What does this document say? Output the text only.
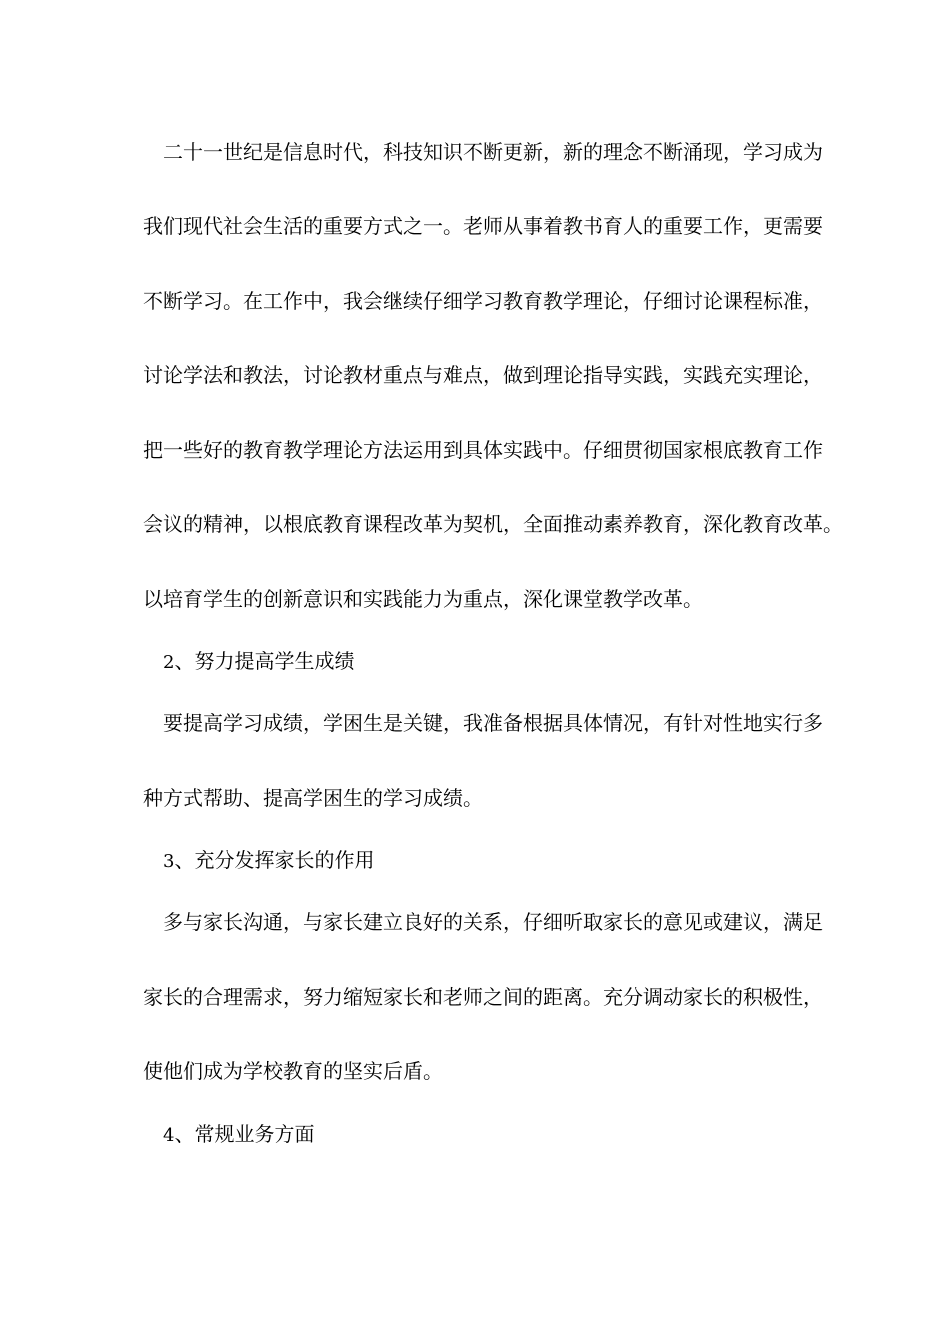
二十一世纪是信息时代，科技知识不断更新，新的理念不断涌现，学习成为
我们现代社会生活的重要方式之一。老师从事着教书育人的重要工作，更需要
不断学习。在工作中，我会继续仔细学习教育教学理论，仔细讨论课程标准，
讨论学法和教法，讨论教材重点与难点，做到理论指导实践，实践充实理论，
把一些好的教育教学理论方法运用到具体实践中。仔细贯彻国家根底教育工作
会议的精神，以根底教育课程改革为契机，全面推动素养教育，深化教育改革。
以培育学生的创新意识和实践能力为重点，深化课堂教学改革。
2、努力提高学生成绩
要提高学习成绩，学困生是关键，我准备根据具体情况，有针对性地实行多
种方式帮助、提高学困生的学习成绩。
3、充分发挥家长的作用
多与家长沟通，与家长建立良好的关系，仔细听取家长的意见或建议，满足
家长的合理需求，努力缩短家长和老师之间的距离。充分调动家长的积极性，
使他们成为学校教育的坚实后盾。
4、常规业务方面
